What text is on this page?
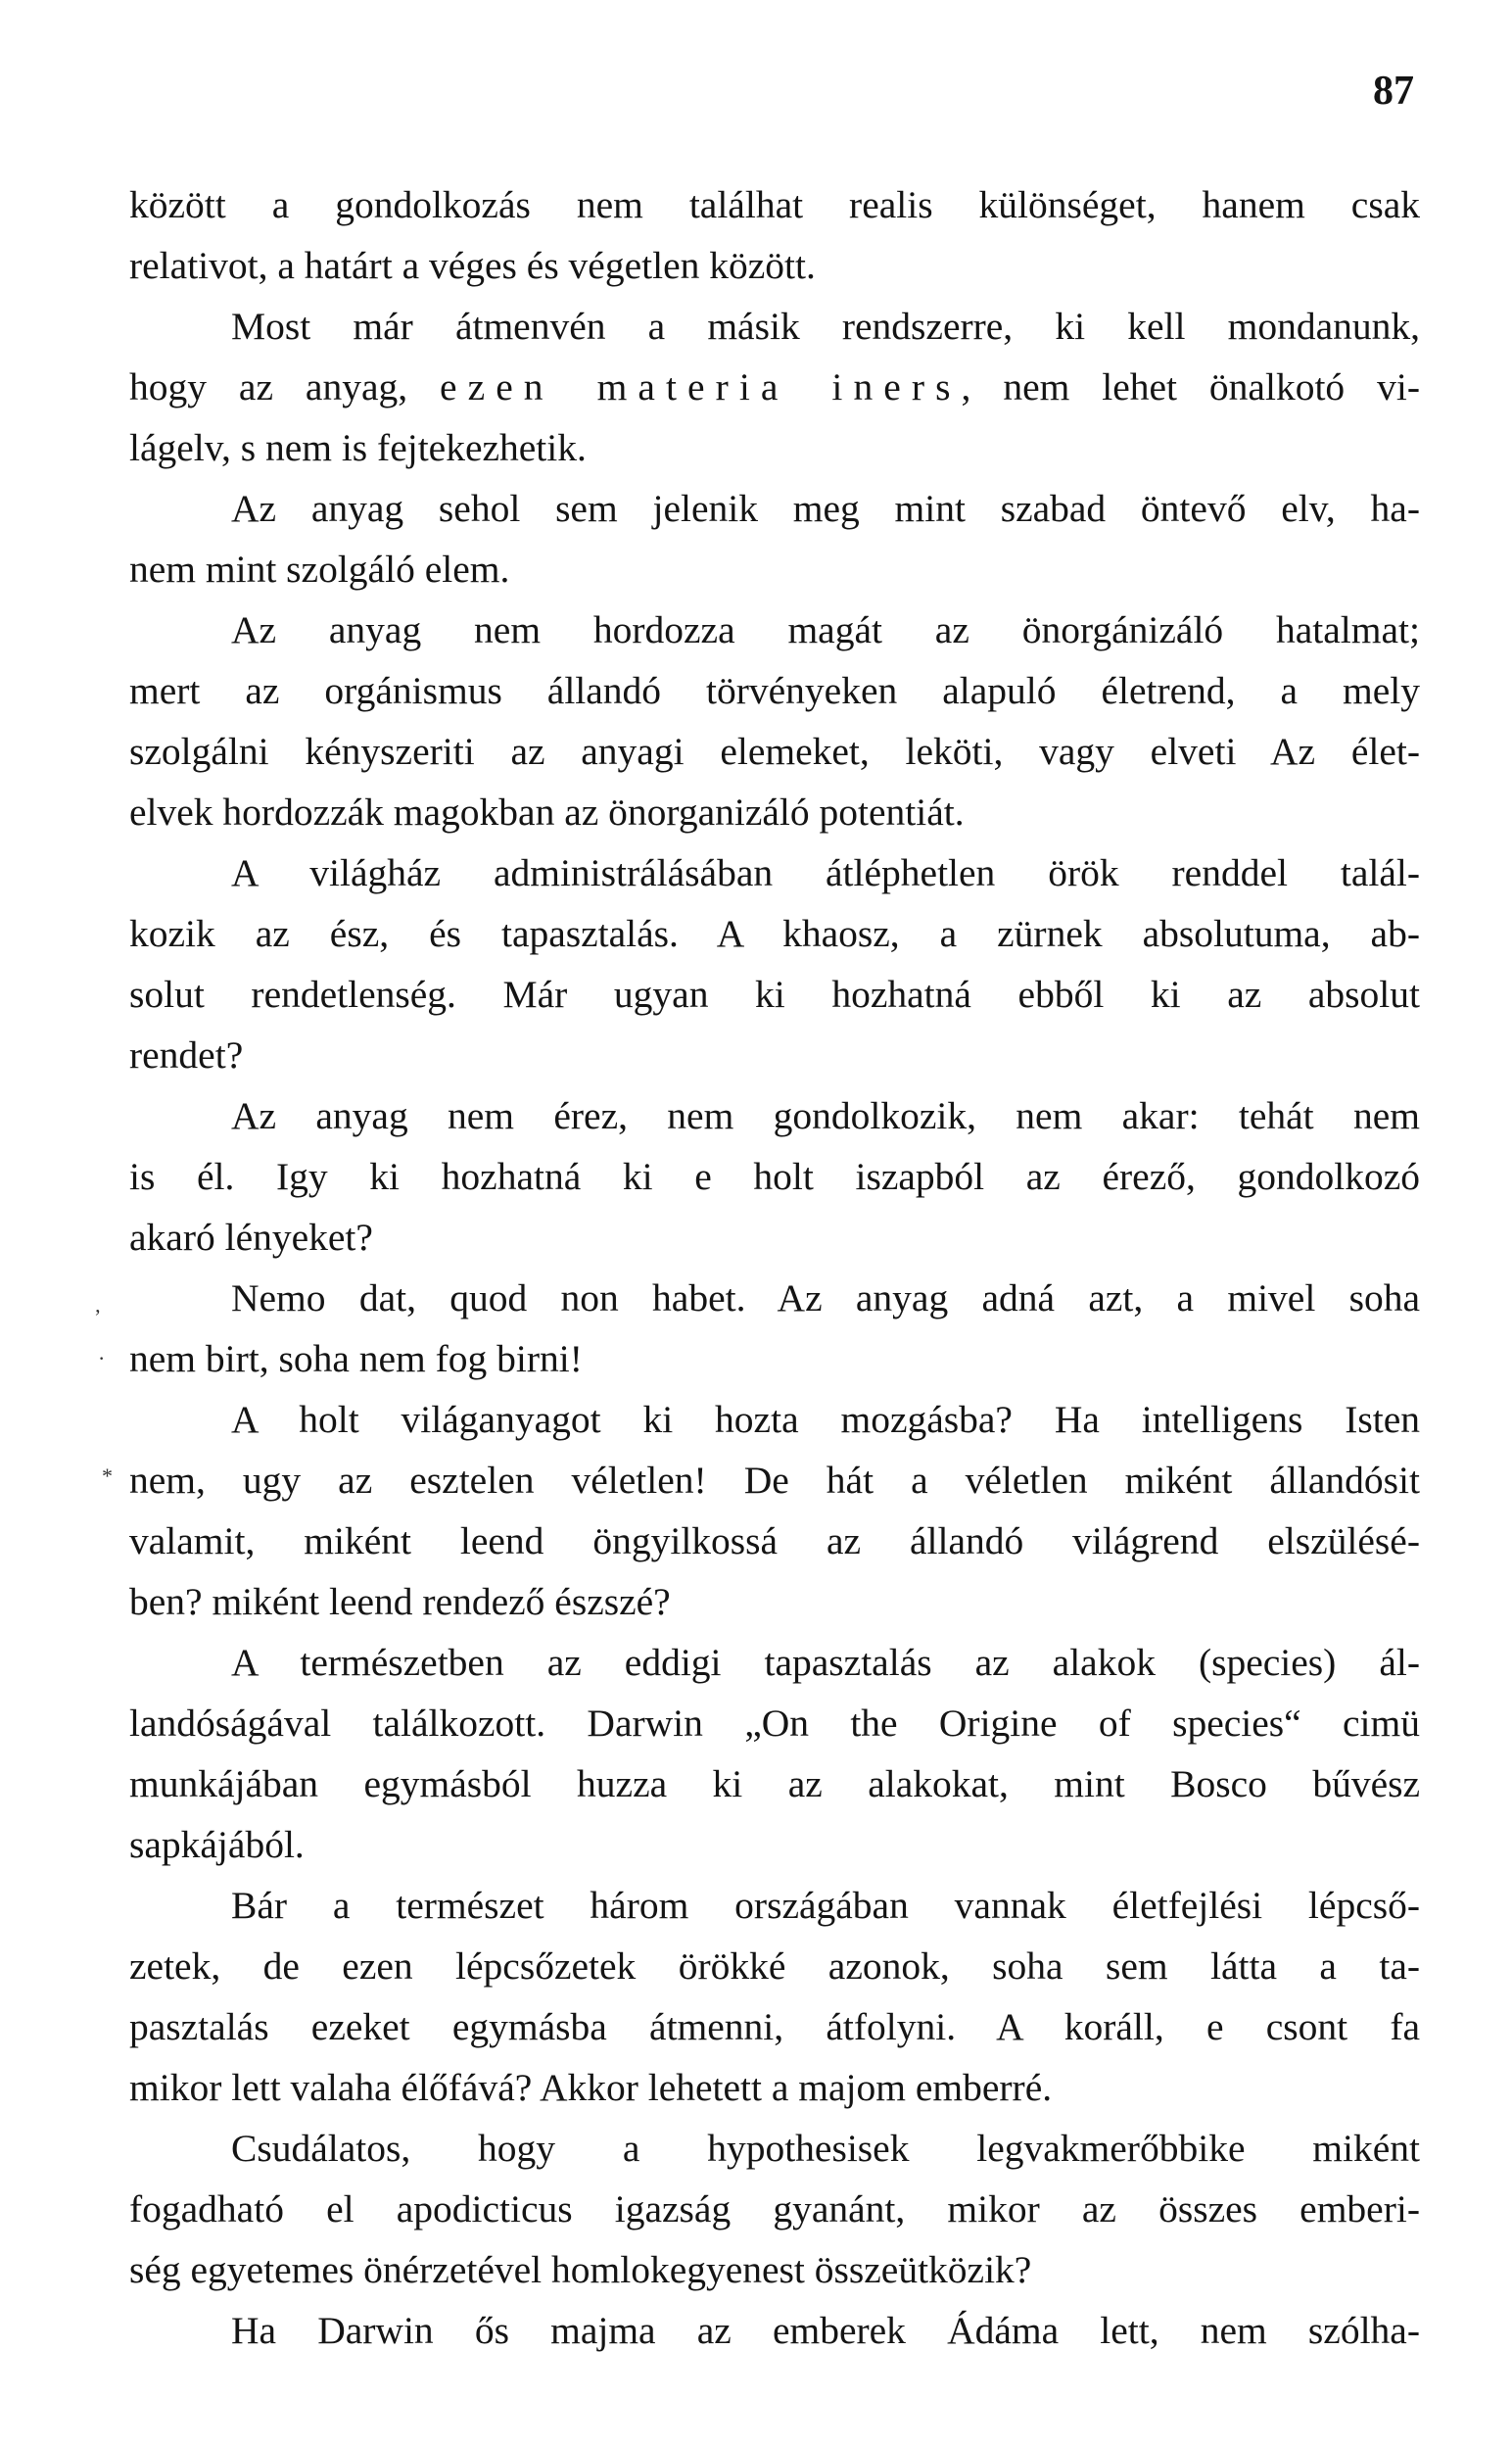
87
ʼ
·
*
között a gondolkozás nem találhat realis különséget, hanem csak
relativot, a határt a véges és végetlen között.
Most már átmenvén a másik rendszerre, ki kell mondanunk,
hogy az anyag, ezen materia iners, nem lehet önalkotó vi-
lágelv, s nem is fejtekezhetik.
Az anyag sehol sem jelenik meg mint szabad öntevő elv, ha-
nem mint szolgáló elem.
Az anyag nem hordozza magát az önorgánizáló hatalmat;
mert az orgánismus állandó törvényeken alapuló életrend, a mely
szolgálni kényszeriti az anyagi elemeket, leköti, vagy elveti Az élet-
elvek hordozzák magokban az önorganizáló potentiát.
A világház administrálásában átléphetlen örök renddel talál-
kozik az ész, és tapasztalás. A khaosz, a zürnek absolutuma, ab-
solut rendetlenség. Már ugyan ki hozhatná ebből ki az absolut
rendet?
Az anyag nem érez, nem gondolkozik, nem akar: tehát nem
is él. Igy ki hozhatná ki e holt iszapból az érező, gondolkozó
akaró lényeket?
Nemo dat, quod non habet. Az anyag adná azt, a mivel soha
nem birt, soha nem fog birni!
A holt világanyagot ki hozta mozgásba? Ha intelligens Isten
nem, ugy az esztelen véletlen! De hát a véletlen miként állandósit
valamit, miként leend öngyilkossá az állandó világrend elszülésé-
ben? miként leend rendező észszé?
A természetben az eddigi tapasztalás az alakok (species) ál-
landóságával találkozott. Darwin „On the Origine of species“ cimü
munkájában egymásból huzza ki az alakokat, mint Bosco bűvész
sapkájából.
Bár a természet három országában vannak életfejlési lépcső-
zetek, de ezen lépcsőzetek örökké azonok, soha sem látta a ta-
pasztalás ezeket egymásba átmenni, átfolyni. A koráll, e csont fa
mikor lett valaha élőfává? Akkor lehetett a majom emberré.
Csudálatos, hogy a hypothesisek legvakmerőbbike miként
fogadható el apodicticus igazság gyanánt, mikor az összes emberi-
ség egyetemes önérzetével homlokegyenest összeütközik?
Ha Darwin ős majma az emberek Ádáma lett, nem szólha-
